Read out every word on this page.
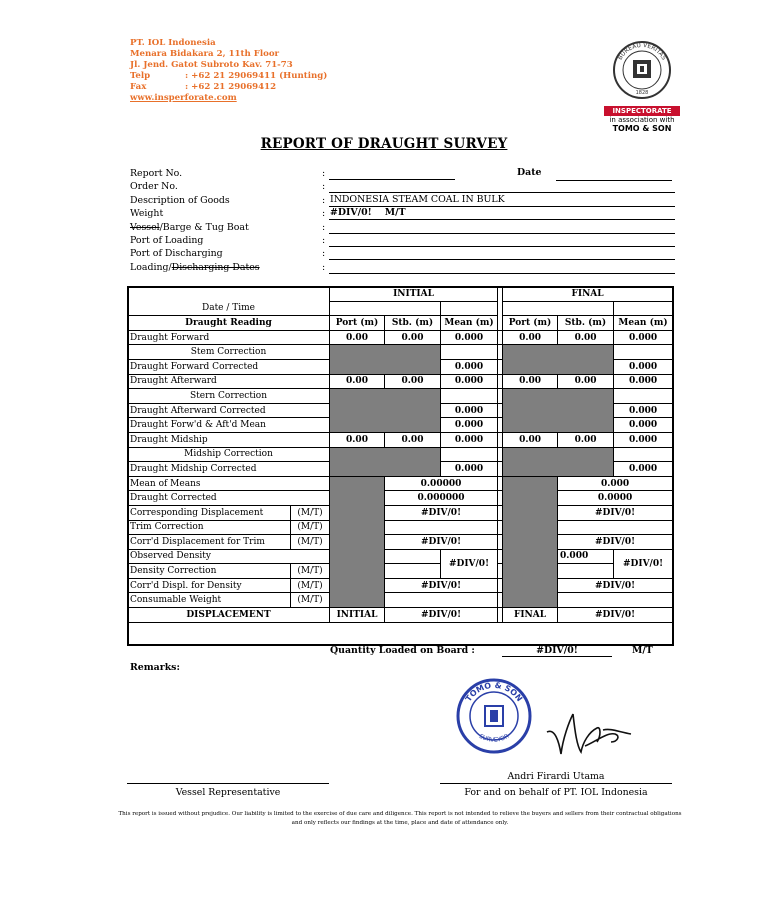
PT. IOL Indonesia
Menara Bidakara 2, 11th Floor
Jl. Jend. Gatot Subroto Kav. 71-73
Telp	: +62 21 29069411 (Hunting)
Fax	: +62 21 29069412
www.insperforate.com
BUREAU VERITAS
1828
INSPECTORATE
in association with
TOMO & SON
REPORT OF DRAUGHT SURVEY
Report No.	:
Order No.	:
Description of Goods	: INDONESIA STEAM COAL IN BULK
Weight	: #DIV/0! M/T
Vessel/Barge & Tug Boat	:
Port of Loading	:
Port of Discharging	:
Loading/Discharging Dates	:
Date
		INITIAL				FINAL		
Date / Time								
Draught Reading		Port (m)	Stb. (m)	Mean (m)		Port (m)	Stb. (m)	Mean (m)
Draught Forward		0.00	0.00	0.000		0.00	0.00	0.000
Stem Correction								
Draught Forward Corrected				0.000				0.000
Draught Afterward		0.00	0.00	0.000		0.00	0.00	0.000
Stern Correction								
Draught Afterward Corrected				0.000				0.000
Draught Forw'd & Aft'd Mean				0.000				0.000
Draught Midship		0.00	0.00	0.000		0.00	0.00	0.000
Midship Correction								
Draught Midship Corrected				0.000				0.000
Mean of Means			0.00000				0.000	
Draught Corrected			0.000000				0.0000	
Corresponding Displacement	(M/T)		#DIV/0!				#DIV/0!	
Trim Correction	(M/T)							
Corr'd Displacement for Trim	(M/T)		#DIV/0!				#DIV/0!	
Observed Density				#DIV/0!			0.000	#DIV/0!
Density Correction	(M/T)							
Corr'd Displ. for Density	(M/T)		#DIV/0!				#DIV/0!	
Consumable Weight	(M/T)							
DISPLACEMENT		INITIAL	#DIV/0!			FINAL	#DIV/0!	
Quantity Loaded on Board :	#DIV/0!	M/T
Remarks:
TOMO & SON
SURVEYOR
Andri Firardi Utama
Vessel Representative	For and on behalf of PT. IOL Indonesia
This report is issued without prejudice. Our liability is limited to the exercise of due care and diligence. This report is not intended to relieve the buyers and sellers from their contractual obligations
and only reflects our findings at the time, place and date of attendance only.
